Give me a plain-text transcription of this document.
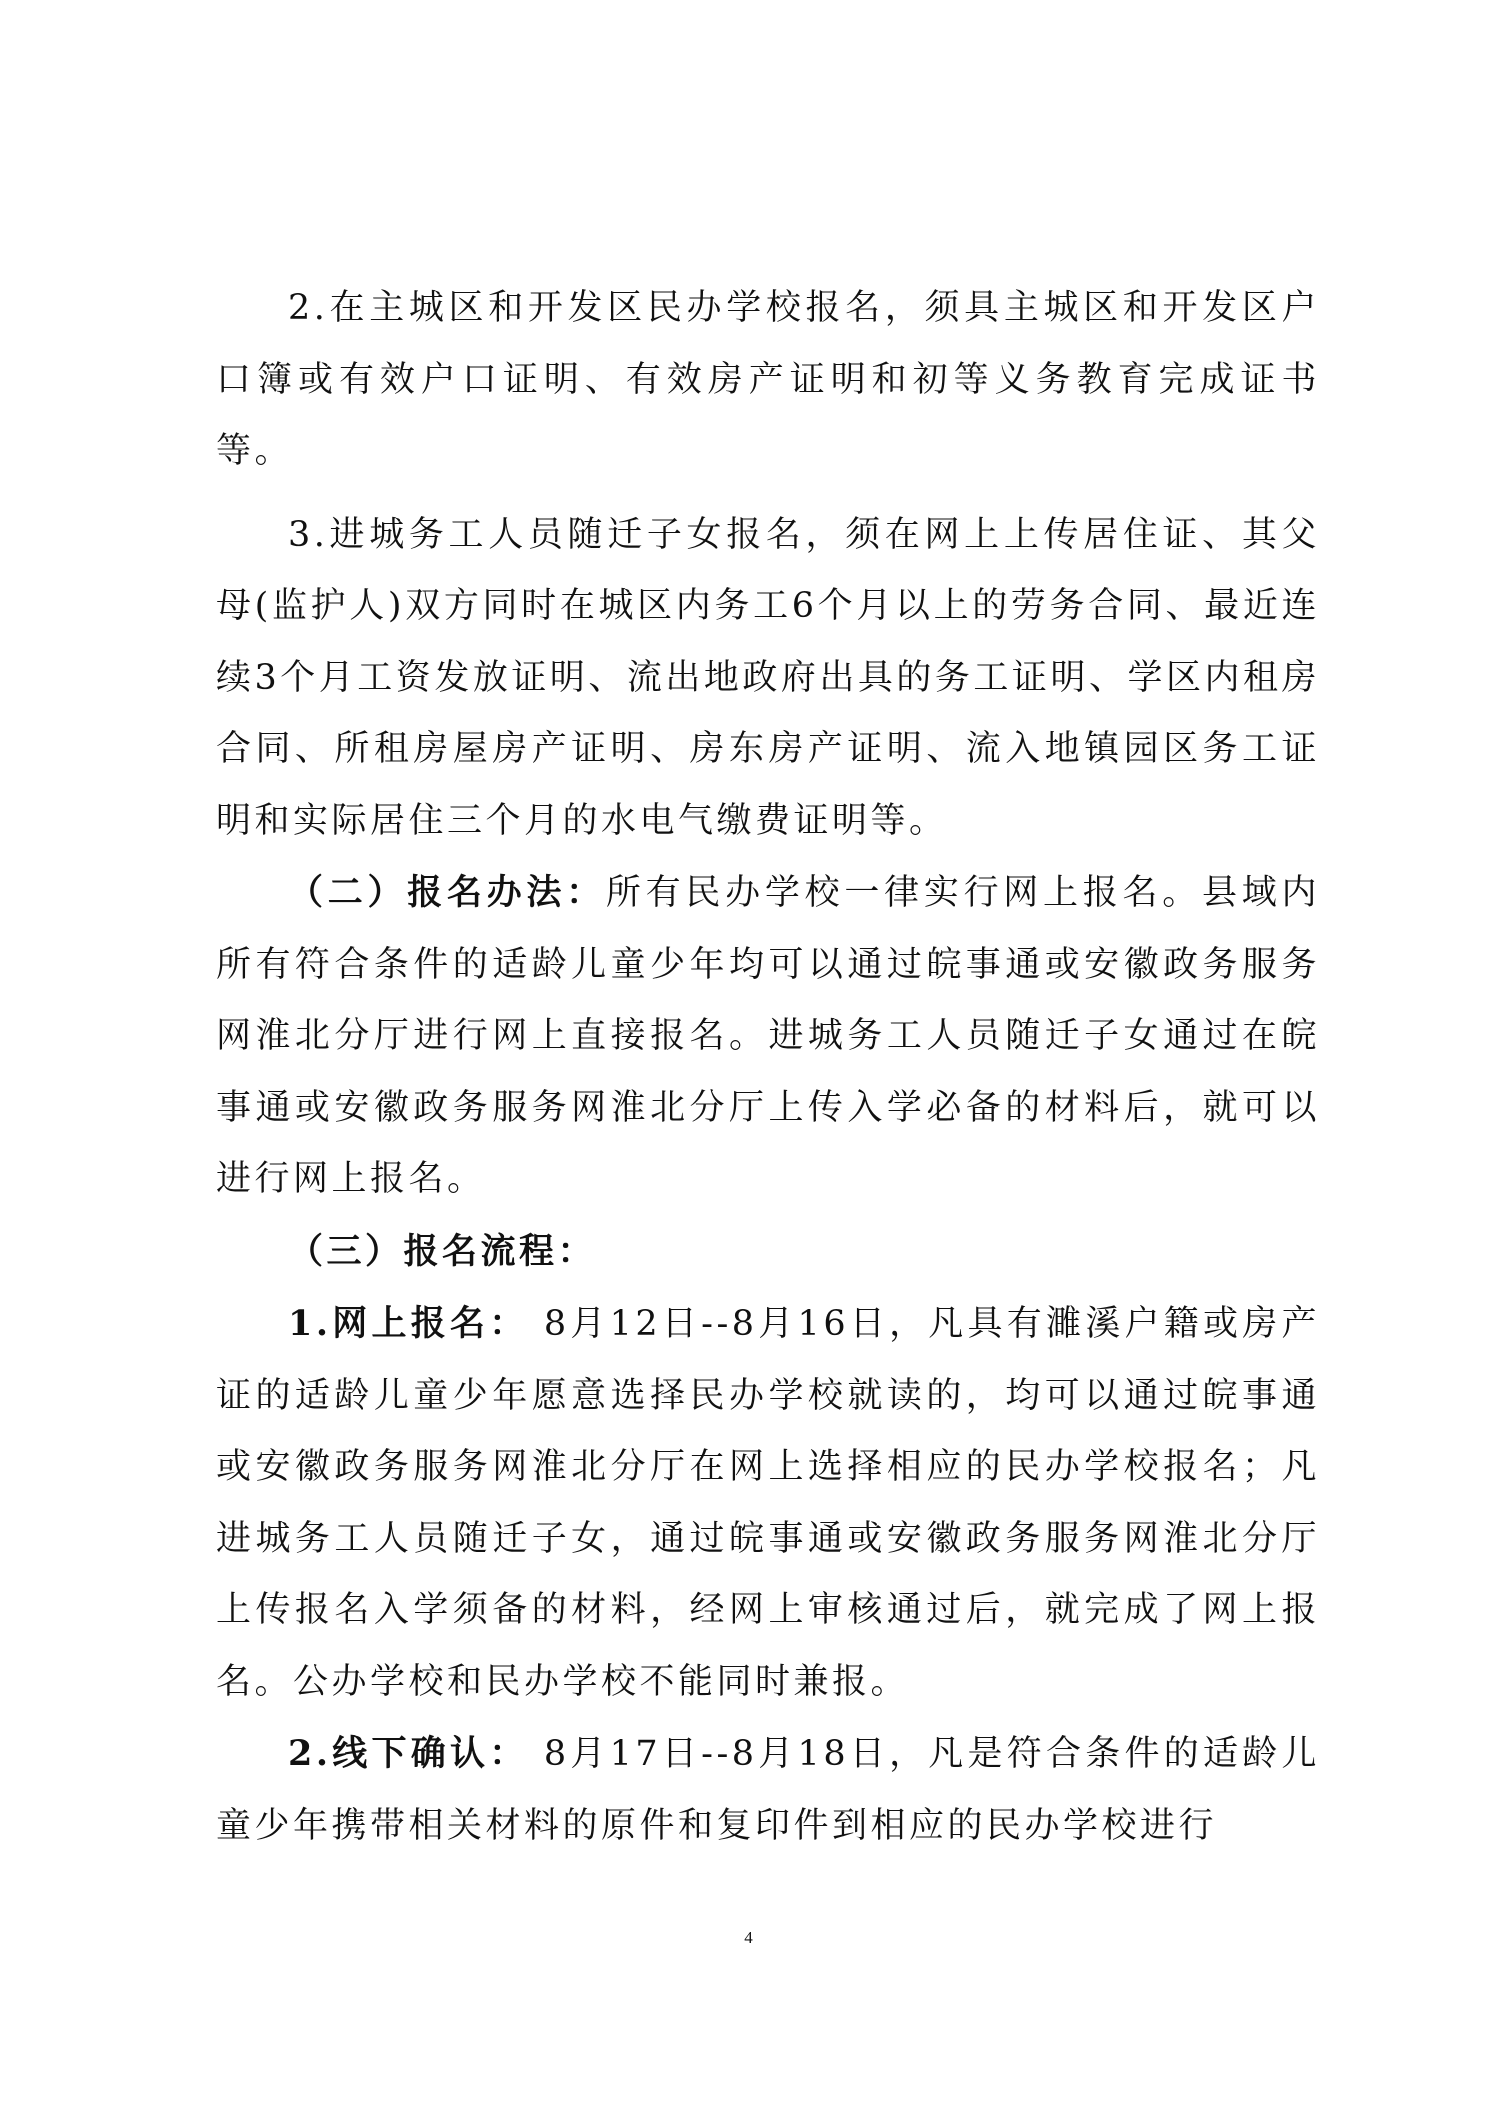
2.在主城区和开发区民办学校报名，须具主城区和开发区户口簿或有效户口证明、有效房产证明和初等义务教育完成证书等。

3.进城务工人员随迁子女报名，须在网上上传居住证、其父母(监护人)双方同时在城区内务工6个月以上的劳务合同、最近连续3个月工资发放证明、流出地政府出具的务工证明、学区内租房合同、所租房屋房产证明、房东房产证明、流入地镇园区务工证明和实际居住三个月的水电气缴费证明等。

（二）报名办法：所有民办学校一律实行网上报名。县域内所有符合条件的适龄儿童少年均可以通过皖事通或安徽政务服务网淮北分厅进行网上直接报名。进城务工人员随迁子女通过在皖事通或安徽政务服务网淮北分厅上传入学必备的材料后，就可以进行网上报名。

（三）报名流程：

1.网上报名： 8月12日--8月16日，凡具有濉溪户籍或房产证的适龄儿童少年愿意选择民办学校就读的，均可以通过皖事通或安徽政务服务网淮北分厅在网上选择相应的民办学校报名；凡进城务工人员随迁子女，通过皖事通或安徽政务服务网淮北分厅上传报名入学须备的材料，经网上审核通过后，就完成了网上报名。公办学校和民办学校不能同时兼报。

2.线下确认： 8月17日--8月18日，凡是符合条件的适龄儿童少年携带相关材料的原件和复印件到相应的民办学校进行

4
